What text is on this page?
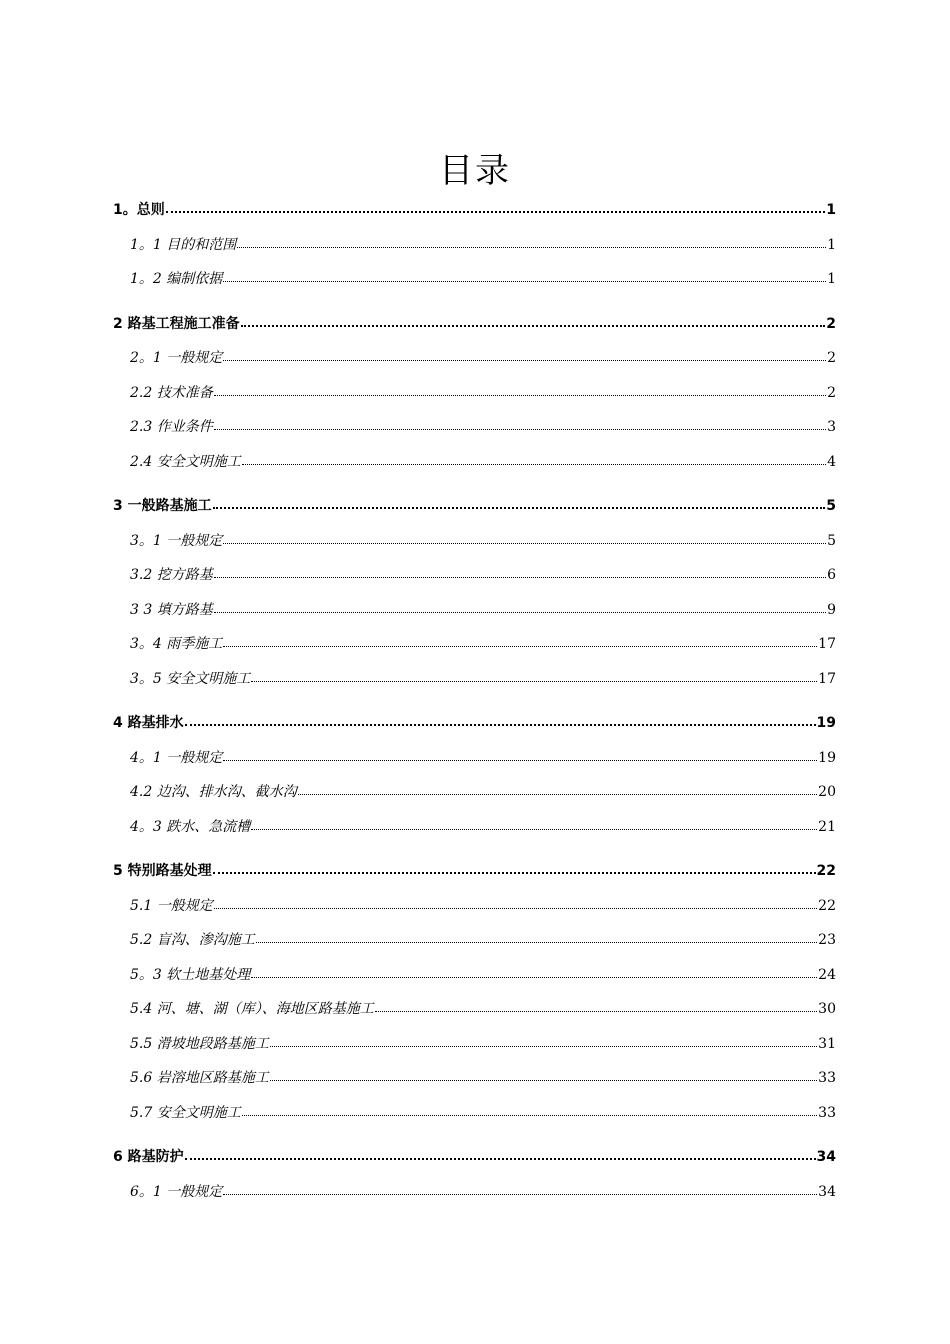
目录
1。总则	1
1。1 目的和范围	1
1。2 编制依据	1
2 路基工程施工准备	2
2。1 一般规定	2
2.2 技术准备	2
2.3 作业条件	3
2.4 安全文明施工	4
3 一般路基施工	5
3。1 一般规定	5
3.2 挖方路基	6
3 3 填方路基	9
3。4 雨季施工	17
3。5 安全文明施工	17
4 路基排水	19
4。1 一般规定	19
4.2 边沟、排水沟、截水沟	20
4。3 跌水、急流槽	21
5 特别路基处理	22
5.1 一般规定	22
5.2 盲沟、渗沟施工	23
5。3 软土地基处理	24
5.4 河、塘、湖（库）、海地区路基施工	30
5.5 滑坡地段路基施工	31
5.6 岩溶地区路基施工	33
5.7 安全文明施工	33
6 路基防护	34
6。1 一般规定	34
